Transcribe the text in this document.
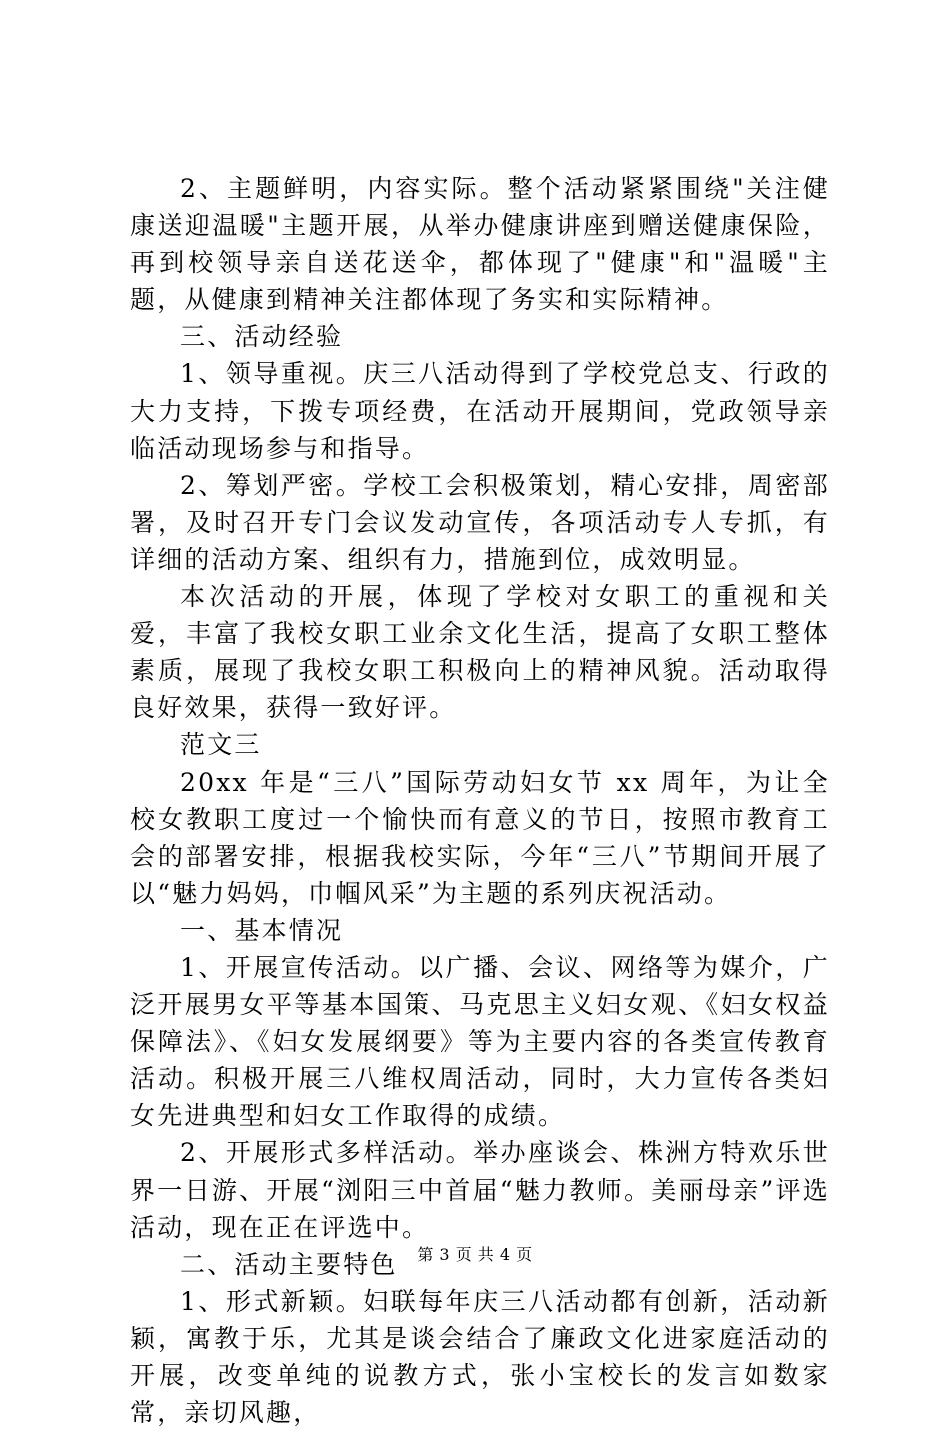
2、主题鲜明，内容实际。整个活动紧紧围绕"关注健康送迎温暖"主题开展，从举办健康讲座到赠送健康保险，再到校领导亲自送花送伞，都体现了"健康"和"温暖"主题，从健康到精神关注都体现了务实和实际精神。

三、活动经验

1、领导重视。庆三八活动得到了学校党总支、行政的大力支持，下拨专项经费，在活动开展期间，党政领导亲临活动现场参与和指导。

2、筹划严密。学校工会积极策划，精心安排，周密部署，及时召开专门会议发动宣传，各项活动专人专抓，有详细的活动方案、组织有力，措施到位，成效明显。

本次活动的开展，体现了学校对女职工的重视和关爱，丰富了我校女职工业余文化生活，提高了女职工整体素质，展现了我校女职工积极向上的精神风貌。活动取得良好效果，获得一致好评。

范文三

20xx 年是“三八”国际劳动妇女节 xx 周年，为让全校女教职工度过一个愉快而有意义的节日，按照市教育工会的部署安排，根据我校实际，今年“三八”节期间开展了以“魅力妈妈，巾帼风采”为主题的系列庆祝活动。

一、基本情况

1、开展宣传活动。以广播、会议、网络等为媒介，广泛开展男女平等基本国策、马克思主义妇女观、《妇女权益保障法》、《妇女发展纲要》等为主要内容的各类宣传教育活动。积极开展三八维权周活动，同时，大力宣传各类妇女先进典型和妇女工作取得的成绩。

2、开展形式多样活动。举办座谈会、株洲方特欢乐世界一日游、开展“浏阳三中首届“魅力教师。美丽母亲”评选活动，现在正在评选中。

二、活动主要特色

1、形式新颖。妇联每年庆三八活动都有创新，活动新颖，寓教于乐，尤其是谈会结合了廉政文化进家庭活动的开展，改变单纯的说教方式，张小宝校长的发言如数家常，亲切风趣，

第 3 页 共 4 页
